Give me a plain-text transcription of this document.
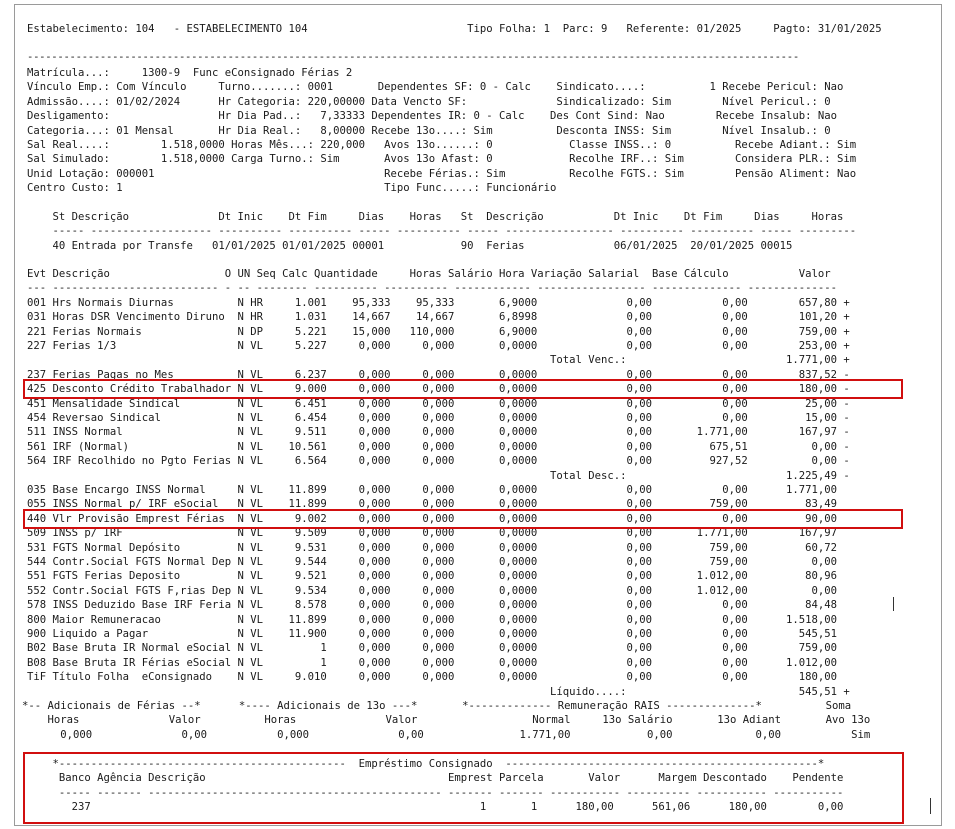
Estabelecimento: 104   - ESTABELECIMENTO 104                         Tipo Folha: 1  Parc: 9   Referente: 01/2025     Pagto: 31/01/2025
-------------------------------------------------------------------------------------------------------------------------------
Matrícula...:     1300-9  Func eConsignado Férias 2
Vínculo Emp.: Com Vínculo     Turno.......: 0001       Dependentes SF: 0 - Calc    Sindicato....:          1 Recebe Pericul: Nao
Admissão....: 01/02/2024      Hr Categoria: 220,00000 Data Vencto SF:              Sindicalizado: Sim        Nível Pericul.: 0
Desligamento:                 Hr Dia Pad..:   7,33333 Dependentes IR: 0 - Calc    Des Cont Sind: Nao        Recebe Insalub: Nao
Categoria...: 01 Mensal       Hr Dia Real.:   8,00000 Recebe 13o....: Sim          Desconta INSS: Sim        Nível Insalub.: 0
Sal Real....:        1.518,0000 Horas Mês...: 220,000   Avos 13o......: 0            Classe INSS..: 0          Recebe Adiant.: Sim
Sal Simulado:        1.518,0000 Carga Turno.: Sim       Avos 13o Afast: 0            Recolhe IRF..: Sim        Considera PLR.: Sim
Unid Lotação: 000001                                    Recebe Férias.: Sim          Recolhe FGTS.: Sim        Pensão Aliment: Nao
Centro Custo: 1                                         Tipo Func.....: Funcionário
St Descrição              Dt Inic    Dt Fim     Dias    Horas   St  Descrição           Dt Inic    Dt Fim     Dias     Horas
----- ------------------- ---------- ---------- ----- ---------- ----- ----------------- ---------- ---------- ----- ---------
40 Entrada por Transfe   01/01/2025 01/01/2025 00001            90  Ferias              06/01/2025  20/01/2025 00015
Evt Descrição                  O UN Seq Calc Quantidade     Horas Salário Hora Variação Salarial  Base Cálculo           Valor
--- -------------------------- - -- -------- ---------- ---------- ------------ ----------------- -------------- --------------
001 Hrs Normais Diurnas          N HR     1.001    95,333    95,333       6,9000              0,00           0,00        657,80 +
031 Horas DSR Vencimento Diruno  N HR     1.031    14,667    14,667       6,8998              0,00           0,00        101,20 +
221 Ferias Normais               N DP     5.221    15,000   110,000       6,9000              0,00           0,00        759,00 +
227 Ferias 1/3                   N VL     5.227     0,000     0,000       0,0000              0,00           0,00        253,00 +
Total Venc.:                         1.771,00 +
237 Ferias Pagas no Mes          N VL     6.237     0,000     0,000       0,0000              0,00           0,00        837,52 -
425 Desconto Crédito Trabalhador N VL     9.000     0,000     0,000       0,0000              0,00           0,00        180,00 -
451 Mensalidade Sindical         N VL     6.451     0,000     0,000       0,0000              0,00           0,00         25,00 -
454 Reversao Sindical            N VL     6.454     0,000     0,000       0,0000              0,00           0,00         15,00 -
511 INSS Normal                  N VL     9.511     0,000     0,000       0,0000              0,00       1.771,00        167,97 -
561 IRF (Normal)                 N VL    10.561     0,000     0,000       0,0000              0,00         675,51          0,00 -
564 IRF Recolhido no Pgto Ferias N VL     6.564     0,000     0,000       0,0000              0,00         927,52          0,00 -
Total Desc.:                         1.225,49 -
035 Base Encargo INSS Normal     N VL    11.899     0,000     0,000       0,0000              0,00           0,00      1.771,00
055 INSS Normal p/ IRF eSocial   N VL    11.899     0,000     0,000       0,0000              0,00         759,00         83,49
440 Vlr Provisão Emprest Férias  N VL     9.002     0,000     0,000       0,0000              0,00           0,00         90,00
509 INSS p/ IRF                  N VL     9.509     0,000     0,000       0,0000              0,00       1.771,00        167,97
531 FGTS Normal Depósito         N VL     9.531     0,000     0,000       0,0000              0,00         759,00         60,72
544 Contr.Social FGTS Normal Dep N VL     9.544     0,000     0,000       0,0000              0,00         759,00          0,00
551 FGTS Ferias Deposito         N VL     9.521     0,000     0,000       0,0000              0,00       1.012,00         80,96
552 Contr.Social FGTS F,rias Dep N VL     9.534     0,000     0,000       0,0000              0,00       1.012,00          0,00
578 INSS Deduzido Base IRF Feria N VL     8.578     0,000     0,000       0,0000              0,00           0,00         84,48
800 Maior Remuneracao            N VL    11.899     0,000     0,000       0,0000              0,00           0,00      1.518,00
900 Liquido a Pagar              N VL    11.900     0,000     0,000       0,0000              0,00           0,00        545,51
B02 Base Bruta IR Normal eSocial N VL         1     0,000     0,000       0,0000              0,00           0,00        759,00
B08 Base Bruta IR Férias eSocial N VL         1     0,000     0,000       0,0000              0,00           0,00      1.012,00
TiF Título Folha  eConsignado    N VL     9.010     0,000     0,000       0,0000              0,00           0,00        180,00
Líquido....:                           545,51 +
*-- Adicionais de Férias --*      *---- Adicionais de 13o ---*       *------------- Remuneração RAIS --------------*          Soma
Horas              Valor          Horas              Valor                  Normal     13o Salário       13o Adiant       Avo 13o
0,000              0,00           0,000              0,00               1.771,00            0,00             0,00           Sim
*---------------------------------------------  Empréstimo Consignado  -------------------------------------------------*
Banco Agência Descrição                                      Emprest Parcela       Valor      Margem Descontado    Pendente
----- ------- ---------------------------------------------- ------- ------- ----------- ---------- ----------- -----------
237                                                             1       1      180,00      561,06      180,00        0,00
